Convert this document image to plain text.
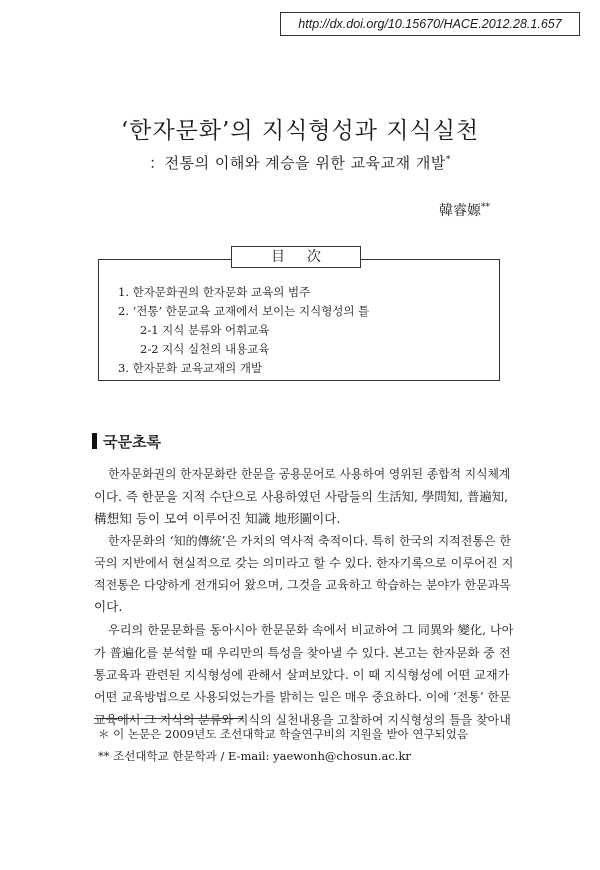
http://dx.doi.org/10.15670/HACE.2012.28.1.657
‘한자문화’의 지식형성과 지식실천
：전통의 이해와 계승을 위한 교육교재 개발*
韓睿嫄**
目次
1. 한자문화권의 한자문화 교육의 범주
2. ‘전통’ 한문교육 교재에서 보이는 지식형성의 틀
2-1 지식 분류와 어휘교육
2-2 지식 실천의 내용교육
3. 한자문화 교육교재의 개발
국문초록
한자문화권의 한자문화란 한문을 공용문어로 사용하여 영위된 종합적 지식체계
이다. 즉 한문을 지적 수단으로 사용하였던 사람들의 生活知, 學問知, 普遍知,
構想知 등이 모여 이루어진 知識 地形圖이다.
한자문화의 ‘知的傳統’은 가치의 역사적 축적이다. 특히 한국의 지적전통은 한
국의 지반에서 현실적으로 갖는 의미라고 할 수 있다. 한자기록으로 이루어진 지
적전통은 다양하게 전개되어 왔으며, 그것을 교육하고 학습하는 분야가 한문과목
이다.
우리의 한문문화를 동아시아 한문문화 속에서 비교하여 그 同異와 變化, 나아
가 普遍化를 분석할 때 우리만의 특성을 찾아낼 수 있다. 본고는 한자문화 중 전
통교육과 관련된 지식형성에 관해서 살펴보았다. 이 때 지식형성에 어떤 교재가
어떤 교육방법으로 사용되었는가를 밝히는 일은 매우 중요하다. 이에 ‘전통’ 한문
교육에서 그 지식의 분류와 지식의 실천내용을 고찰하여 지식형성의 틀을 찾아내
＊ 이 논문은 2009년도 조선대학교 학술연구비의 지원을 받아 연구되었음
** 조선대학교 한문학과 / E-mail: yaewonh@chosun.ac.kr
